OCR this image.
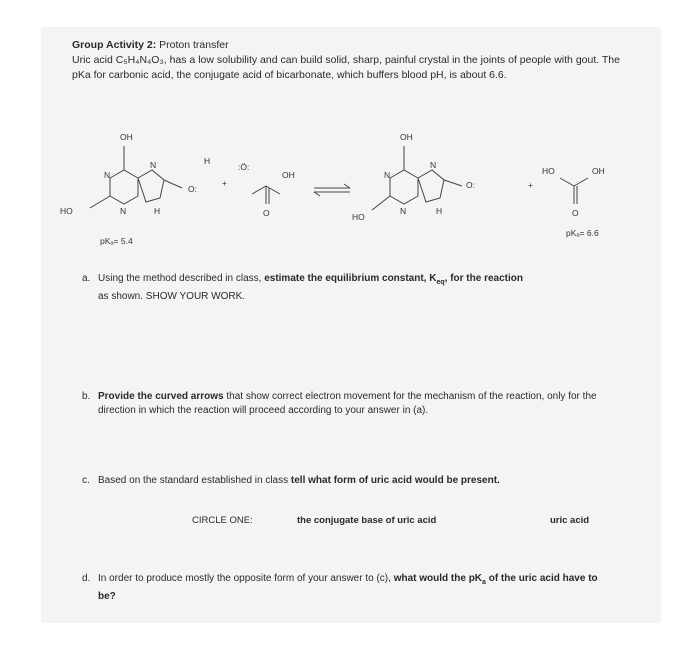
Group Activity 2: Proton transfer
Uric acid C₅H₄N₄O₃, has a low solubility and can build solid, sharp, painful crystal in the joints of people with gout. The pKa for carbonic acid, the conjugate acid of bicarbonate, which buffers blood pH, is about 6.6.
OH
N
N
N	H
H
O:
HO
+
:Ö:
OH
O
OH
N
N
N	H
HO
O:	+
HO	OH
O
pKₐ= 5.4
pKₐ= 6.6
a. Using the method described in class, estimate the equilibrium constant, $K_{eq}$, for the reaction
as shown. SHOW YOUR WORK.
b. Provide the curved arrows that show correct electron movement for the mechanism of the reaction, only for the direction in which the reaction will proceed according to your answer in (a).
c. Based on the standard established in class tell what form of uric acid would be present.
CIRCLE ONE:	the conjugate base of uric acid	uric acid
d. In order to produce mostly the opposite form of your answer to (c), what would the $pK_a$ of the uric acid have to be?
